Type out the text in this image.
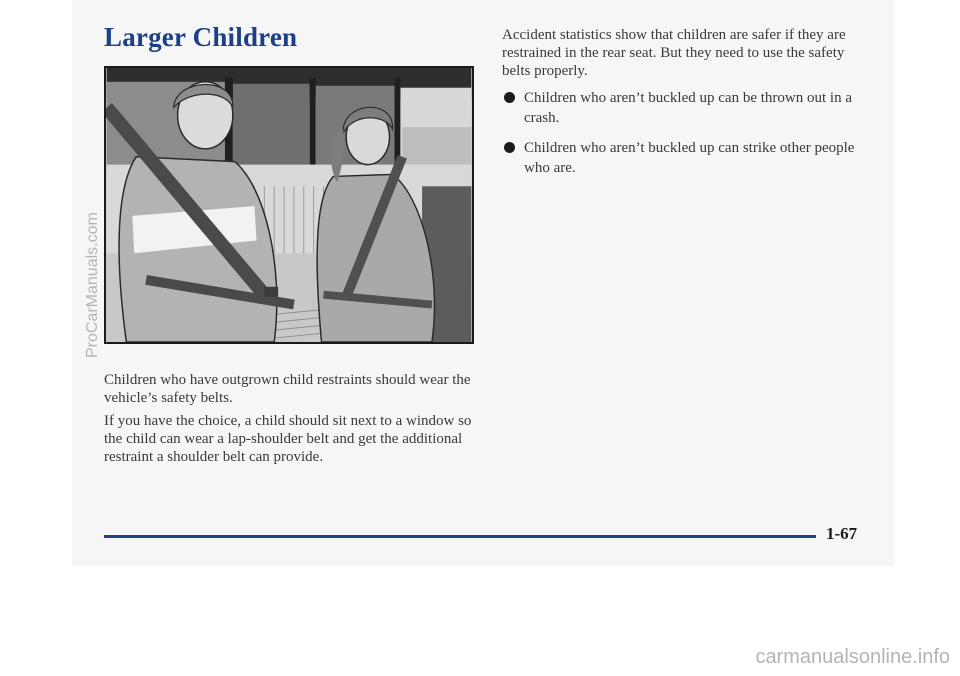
Larger Children

Children who have outgrown child restraints should wear the vehicle’s safety belts.

If you have the choice, a child should sit next to a window so the child can wear a lap-shoulder belt and get the additional restraint a shoulder belt can provide.

Accident statistics show that children are safer if they are restrained in the rear seat. But they need to use the safety belts properly.

Children who aren’t buckled up can be thrown out in a crash.
Children who aren’t buckled up can strike other people who are.

1-67

ProCarManuals.com

carmanualsonline.info
